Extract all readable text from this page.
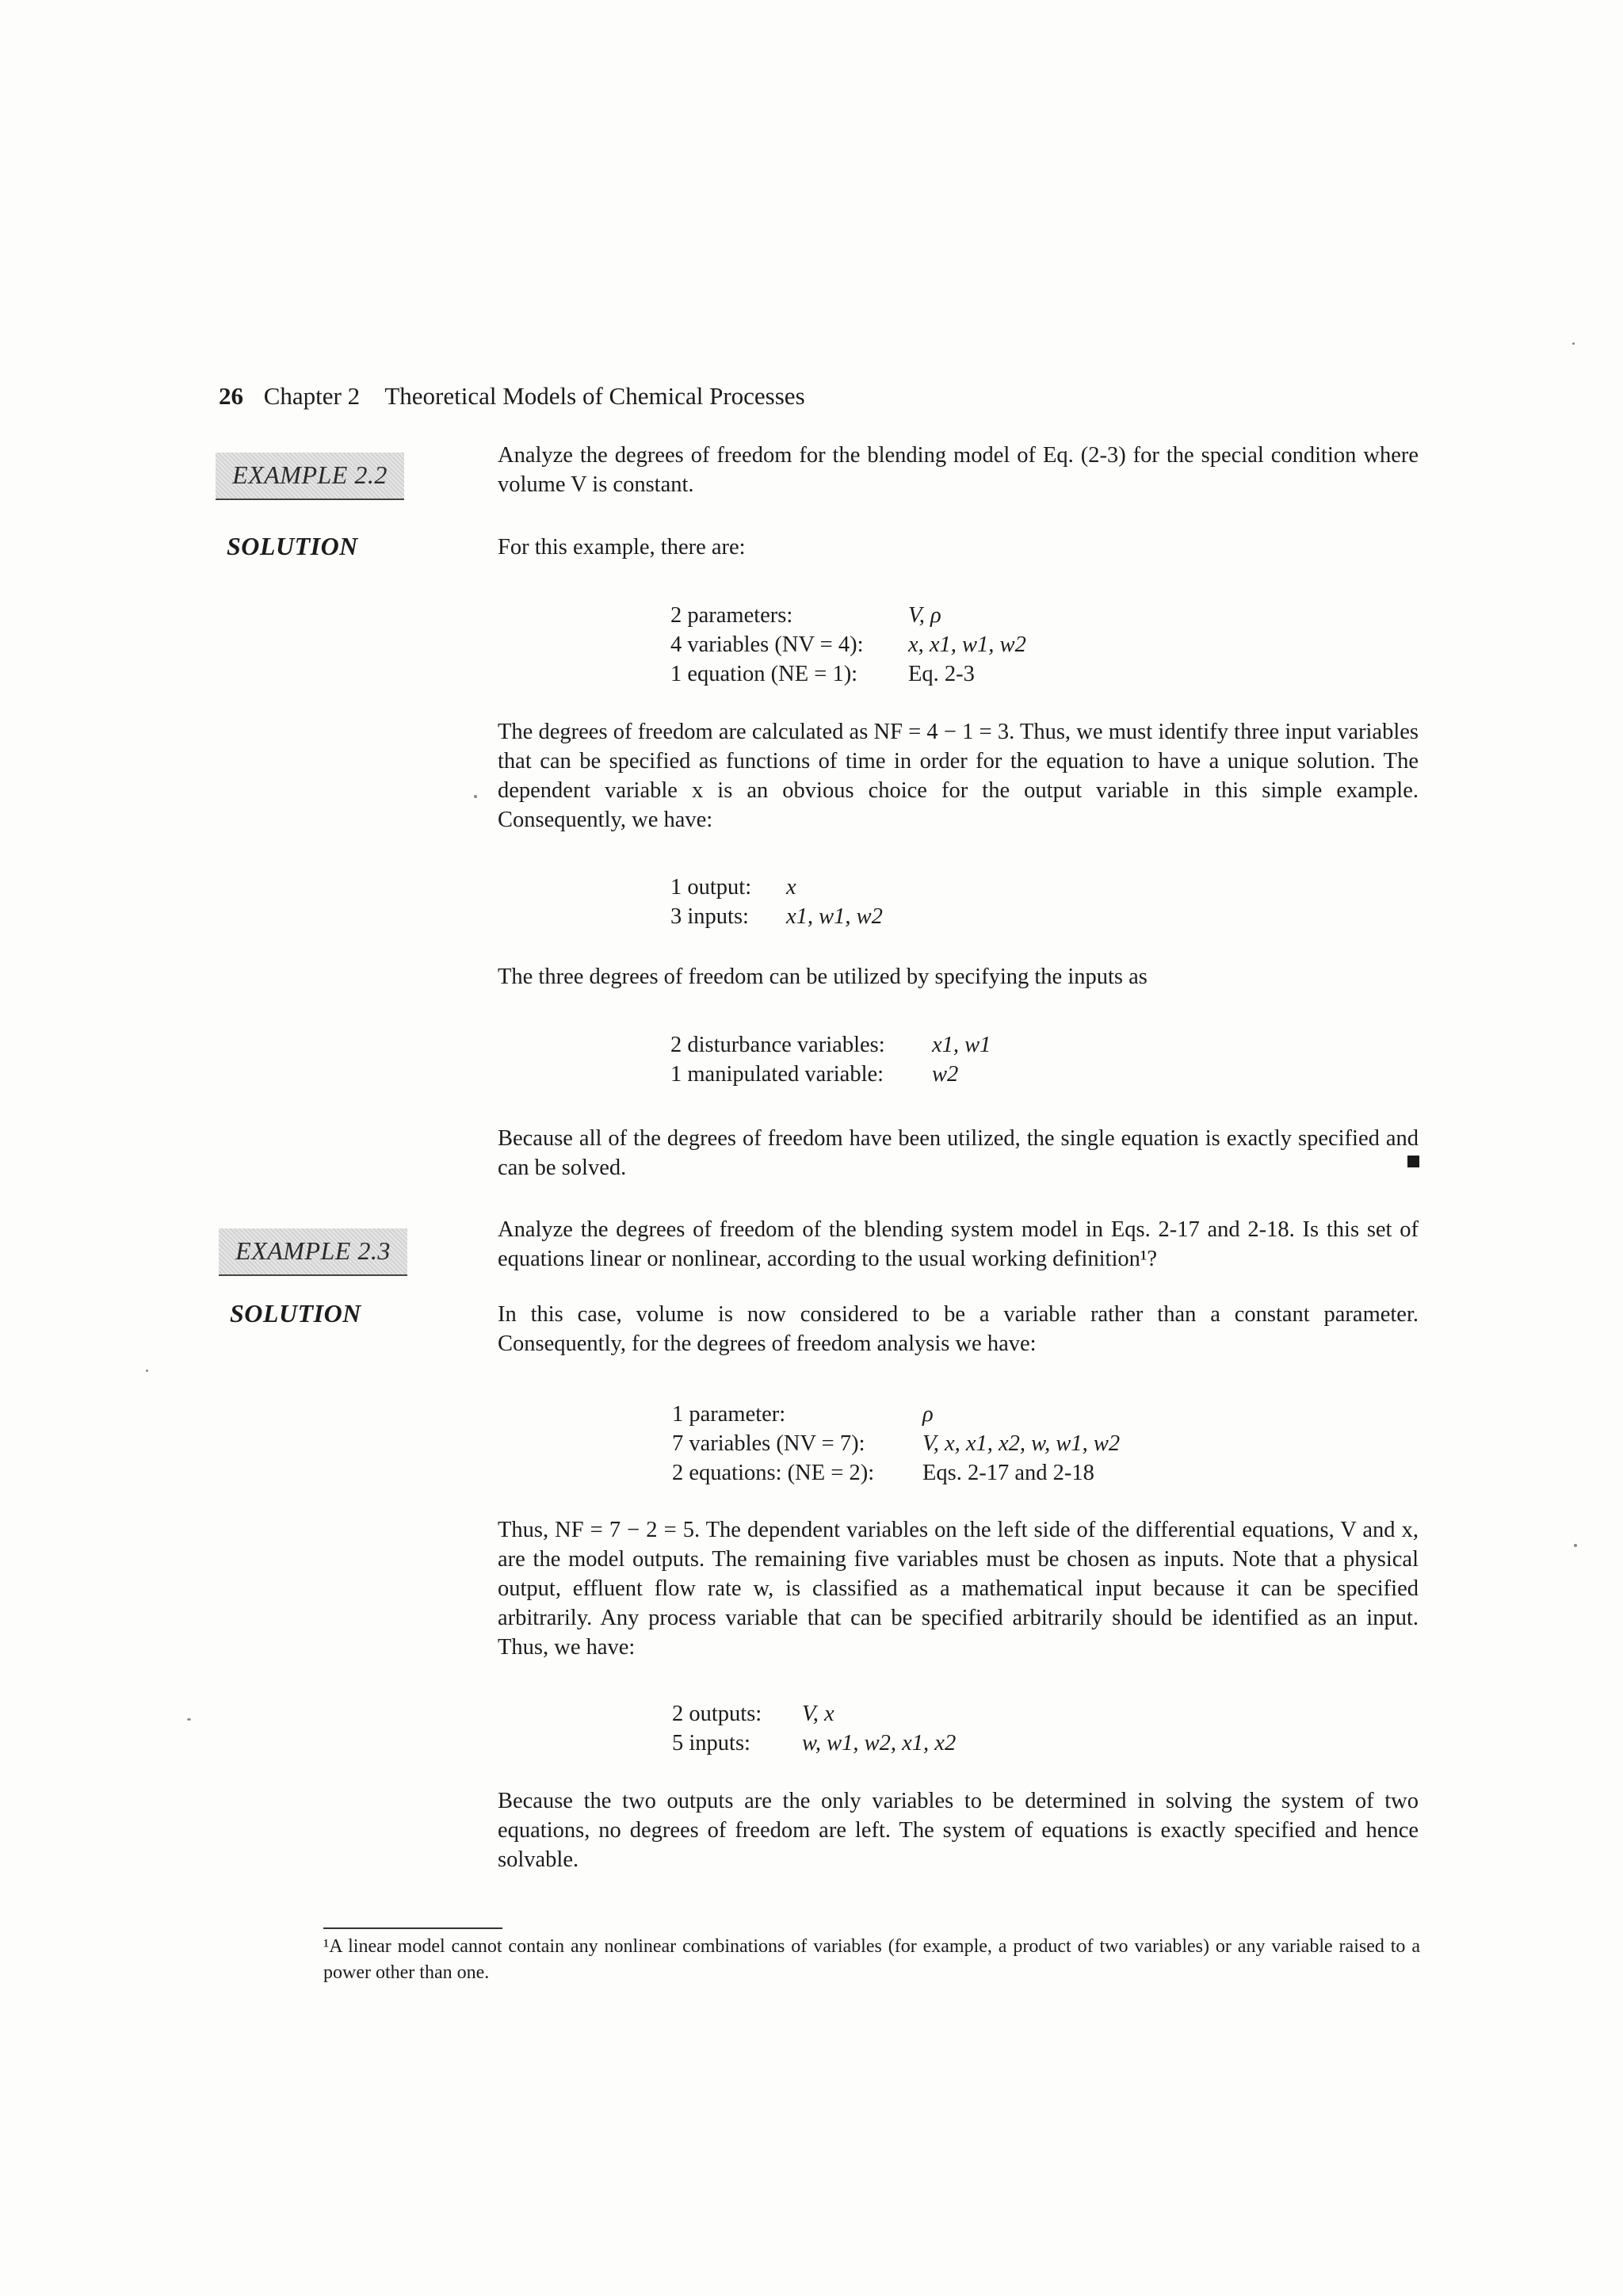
26 Chapter 2 Theoretical Models of Chemical Processes
EXAMPLE 2.2
Analyze the degrees of freedom for the blending model of Eq. (2-3) for the special condition where volume V is constant.
SOLUTION	For this example, there are:
2 parameters:	V, ρ
4 variables (NV = 4):	x, x1, w1, w2
1 equation (NE = 1):	Eq. 2-3
The degrees of freedom are calculated as NF = 4 − 1 = 3. Thus, we must identify three input variables that can be specified as functions of time in order for the equation to have a unique solution. The dependent variable x is an obvious choice for the output variable in this simple example. Consequently, we have:
1 output:	x
3 inputs:	x1, w1, w2
The three degrees of freedom can be utilized by specifying the inputs as
2 disturbance variables:	x1, w1
1 manipulated variable:	w2
Because all of the degrees of freedom have been utilized, the single equation is exactly specified and can be solved.
EXAMPLE 2.3
Analyze the degrees of freedom of the blending system model in Eqs. 2-17 and 2-18. Is this set of equations linear or nonlinear, according to the usual working definition¹?
SOLUTION	In this case, volume is now considered to be a variable rather than a constant parameter. Consequently, for the degrees of freedom analysis we have:
1 parameter:	ρ
7 variables (NV = 7):	V, x, x1, x2, w, w1, w2
2 equations: (NE = 2):	Eqs. 2-17 and 2-18
Thus, NF = 7 − 2 = 5. The dependent variables on the left side of the differential equations, V and x, are the model outputs. The remaining five variables must be chosen as inputs. Note that a physical output, effluent flow rate w, is classified as a mathematical input because it can be specified arbitrarily. Any process variable that can be specified arbitrarily should be identified as an input. Thus, we have:
2 outputs:	V, x
5 inputs:	w, w1, w2, x1, x2
Because the two outputs are the only variables to be determined in solving the system of two equations, no degrees of freedom are left. The system of equations is exactly specified and hence solvable.
¹A linear model cannot contain any nonlinear combinations of variables (for example, a product of two variables) or any variable raised to a power other than one.
